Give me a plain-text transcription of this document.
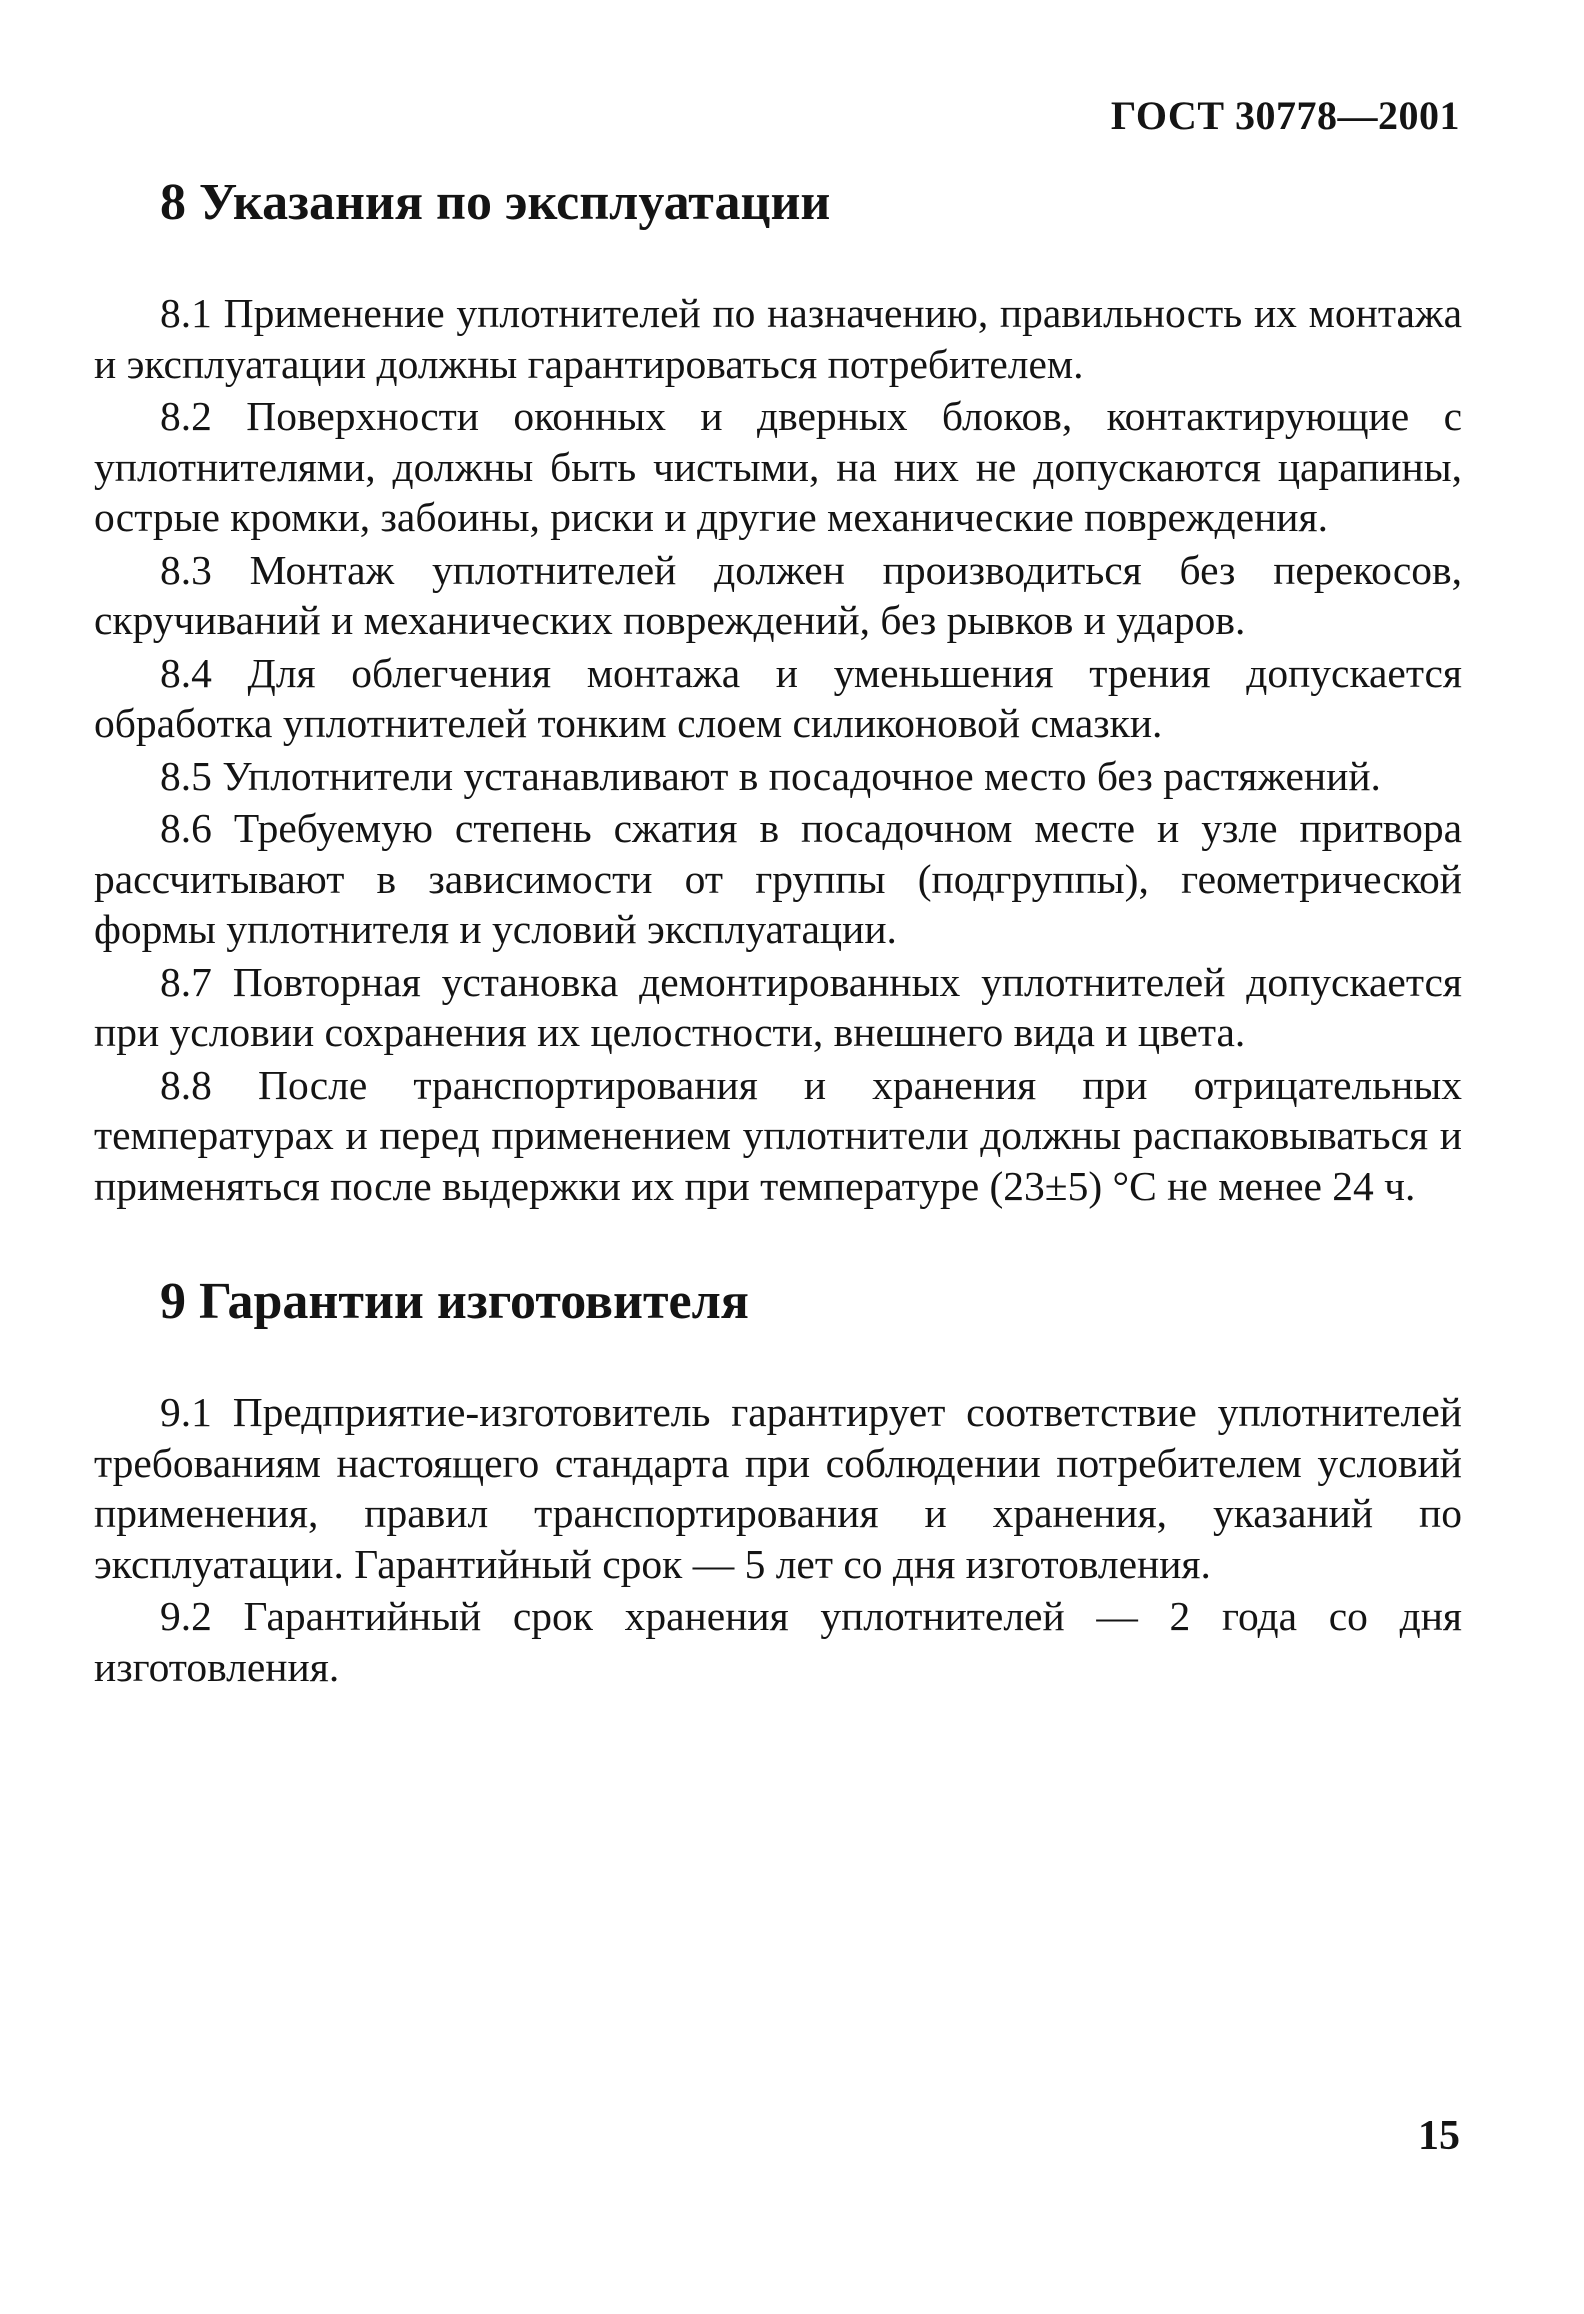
ГОСТ 30778—2001
8 Указания по эксплуатации

8.1 Применение уплотнителей по назначению, правильность их монтажа и эксплуатации должны гарантироваться потребителем.

8.2 Поверхности оконных и дверных блоков, контактирующие с уплотнителями, должны быть чистыми, на них не допускаются царапины, острые кромки, забоины, риски и другие механические повреждения.

8.3 Монтаж уплотнителей должен производиться без перекосов, скручиваний и механических повреждений, без рывков и ударов.

8.4 Для облегчения монтажа и уменьшения трения допускается обработка уплотнителей тонким слоем силиконовой смазки.

8.5 Уплотнители устанавливают в посадочное место без растяжений.

8.6 Требуемую степень сжатия в посадочном месте и узле притвора рассчитывают в зависимости от группы (подгруппы), геометрической формы уплотнителя и условий эксплуатации.

8.7 Повторная установка демонтированных уплотнителей допускается при условии сохранения их целостности, внешнего вида и цвета.

8.8 После транспортирования и хранения при отрицательных температурах и перед применением уплотнители должны распаковываться и применяться после выдержки их при температуре (23±5) °С не менее 24 ч.

9 Гарантии изготовителя

9.1 Предприятие-изготовитель гарантирует соответствие уплотнителей требованиям настоящего стандарта при соблюдении потребителем условий применения, правил транспортирования и хранения, указаний по эксплуатации. Гарантийный срок — 5 лет со дня изготовления.

9.2 Гарантийный срок хранения уплотнителей — 2 года со дня изготовления.

15
